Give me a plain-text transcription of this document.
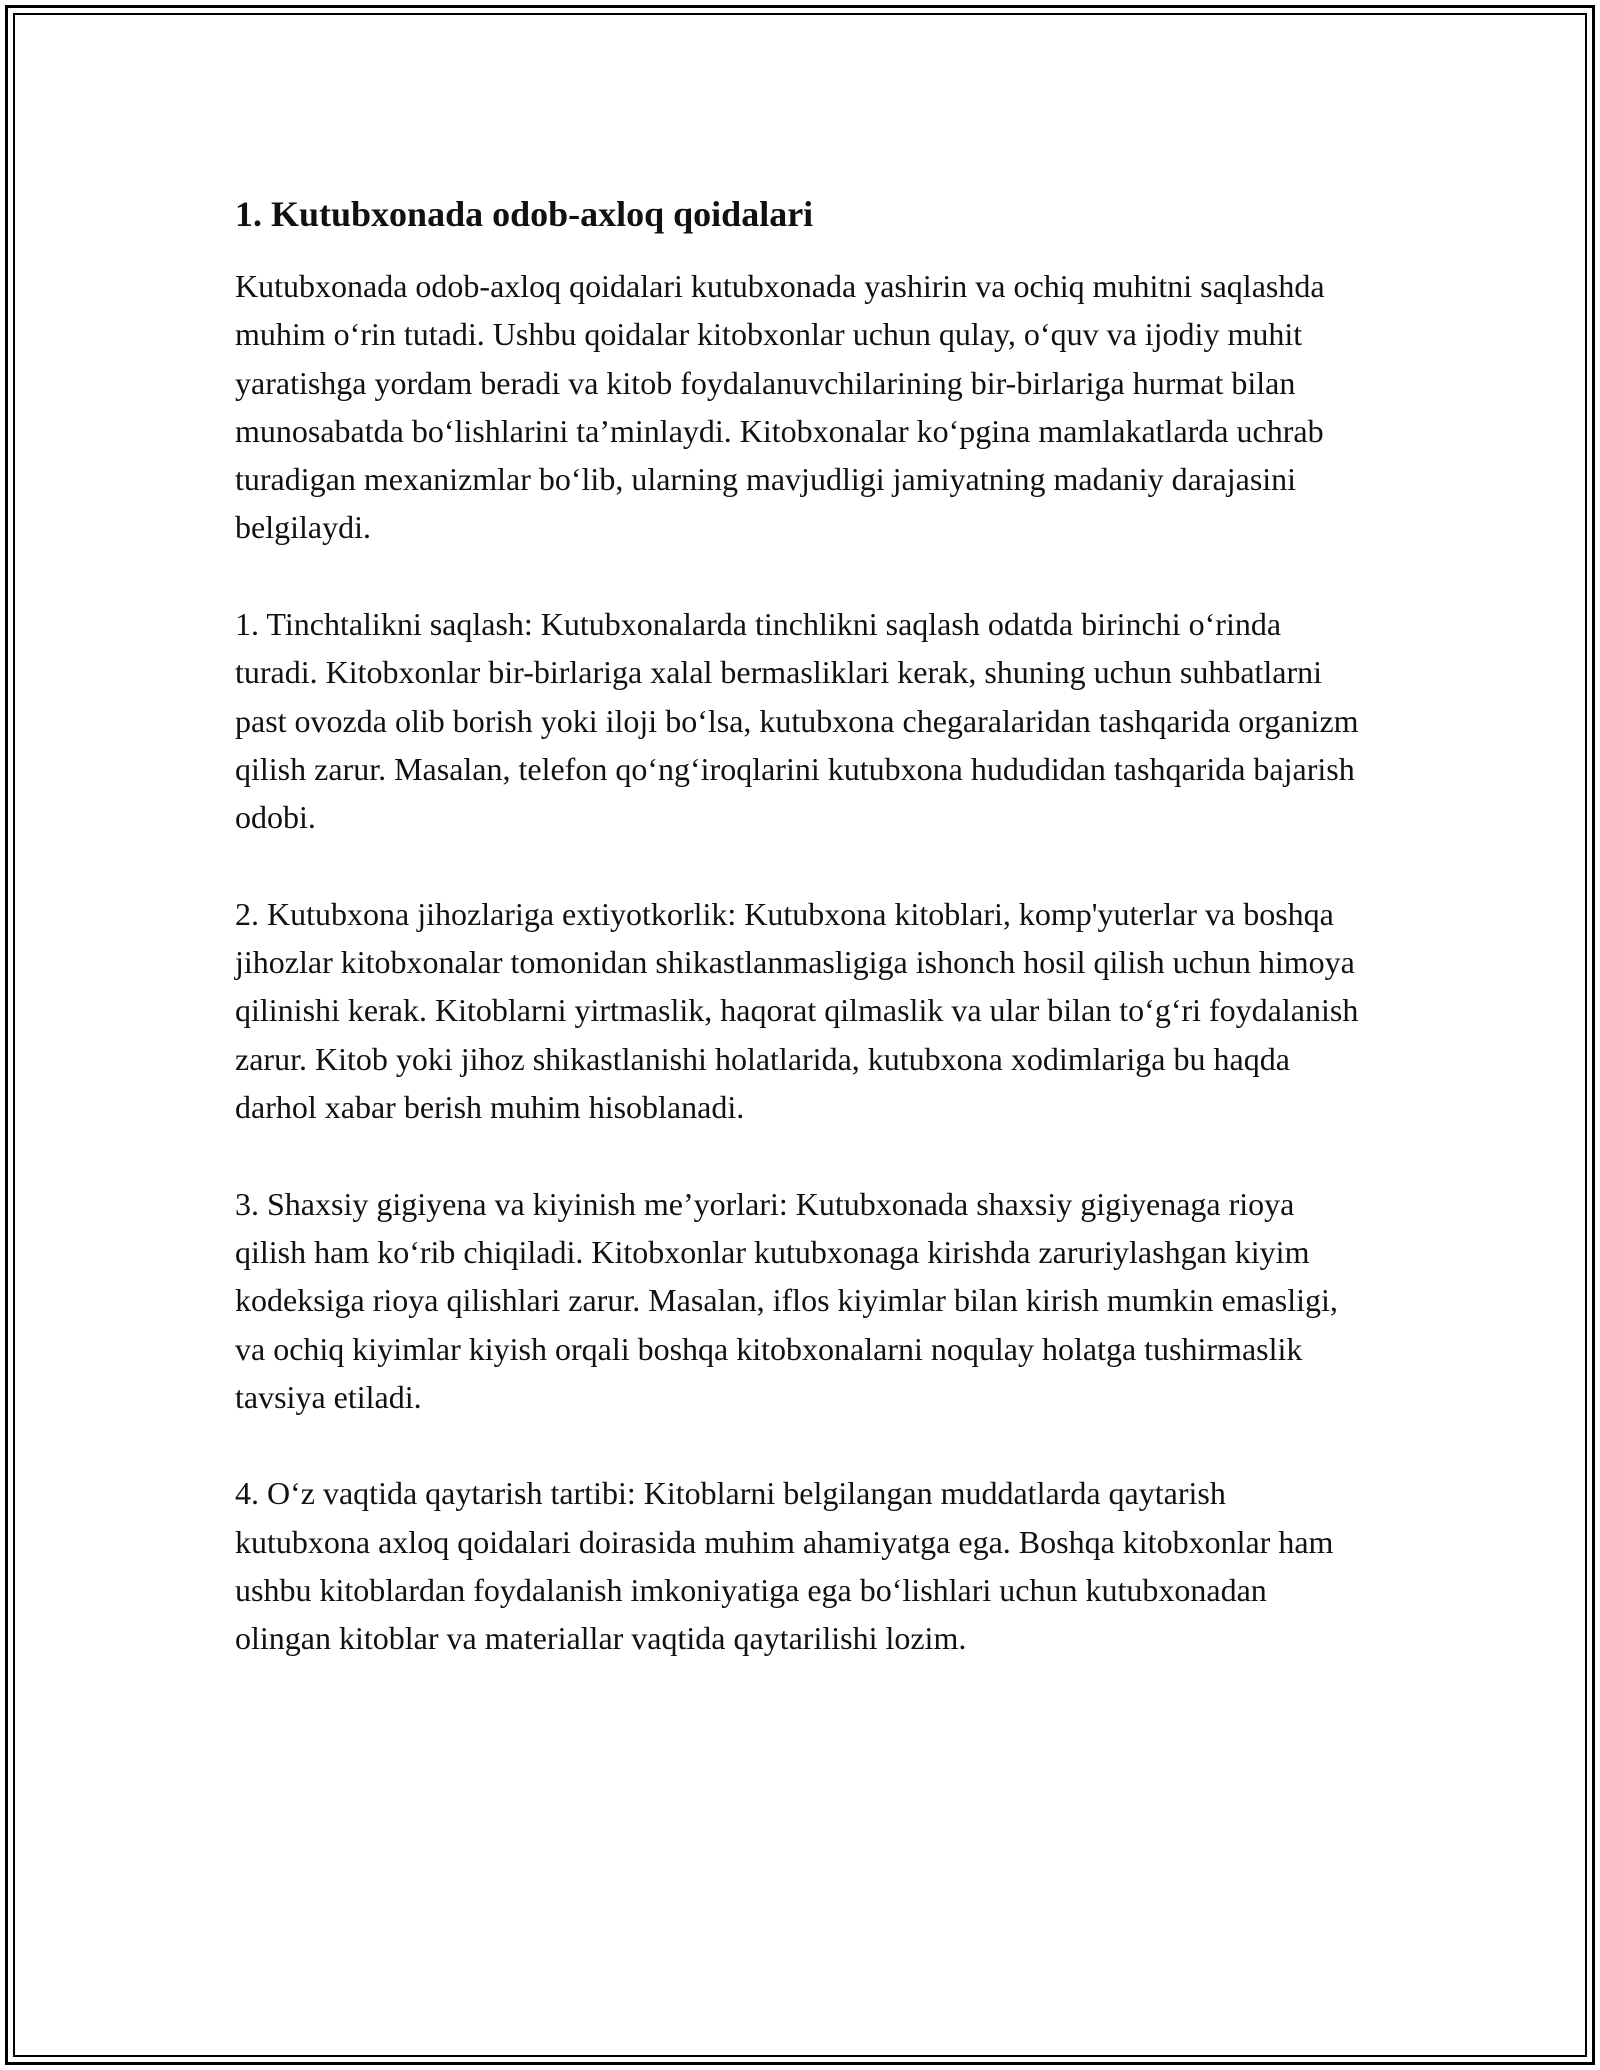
1. Kutubxonada odob-axloq qoidalari

Kutubxonada odob-axloq qoidalari kutubxonada yashirin va ochiq muhitni saqlashda muhim o‘rin tutadi. Ushbu qoidalar kitobxonlar uchun qulay, o‘quv va ijodiy muhit yaratishga yordam beradi va kitob foydalanuvchilarining bir-birlariga hurmat bilan munosabatda bo‘lishlarini ta’minlaydi. Kitobxonalar ko‘pgina mamlakatlarda uchrab turadigan mexanizmlar bo‘lib, ularning mavjudligi jamiyatning madaniy darajasini belgilaydi.

1. Tinchtalikni saqlash: Kutubxonalarda tinchlikni saqlash odatda birinchi o‘rinda turadi. Kitobxonlar bir-birlariga xalal bermasliklari kerak, shuning uchun suhbatlarni past ovozda olib borish yoki iloji bo‘lsa, kutubxona chegaralaridan tashqarida organizm qilish zarur. Masalan, telefon qo‘ng‘iroqlarini kutubxona hududidan tashqarida bajarish odobi.

2. Kutubxona jihozlariga extiyotkorlik: Kutubxona kitoblari, komp'yuterlar va boshqa jihozlar kitobxonalar tomonidan shikastlanmasligiga ishonch hosil qilish uchun himoya qilinishi kerak. Kitoblarni yirtmaslik, haqorat qilmaslik va ular bilan to‘g‘ri foydalanish zarur. Kitob yoki jihoz shikastlanishi holatlarida, kutubxona xodimlariga bu haqda darhol xabar berish muhim hisoblanadi.

3. Shaxsiy gigiyena va kiyinish me’yorlari: Kutubxonada shaxsiy gigiyenaga rioya qilish ham ko‘rib chiqiladi. Kitobxonlar kutubxonaga kirishda zaruriylashgan kiyim kodeksiga rioya qilishlari zarur. Masalan, iflos kiyimlar bilan kirish mumkin emasligi, va ochiq kiyimlar kiyish orqali boshqa kitobxonalarni noqulay holatga tushirmaslik tavsiya etiladi.

4. O‘z vaqtida qaytarish tartibi: Kitoblarni belgilangan muddatlarda qaytarish kutubxona axloq qoidalari doirasida muhim ahamiyatga ega. Boshqa kitobxonlar ham ushbu kitoblardan foydalanish imkoniyatiga ega bo‘lishlari uchun kutubxonadan olingan kitoblar va materiallar vaqtida qaytarilishi lozim.
